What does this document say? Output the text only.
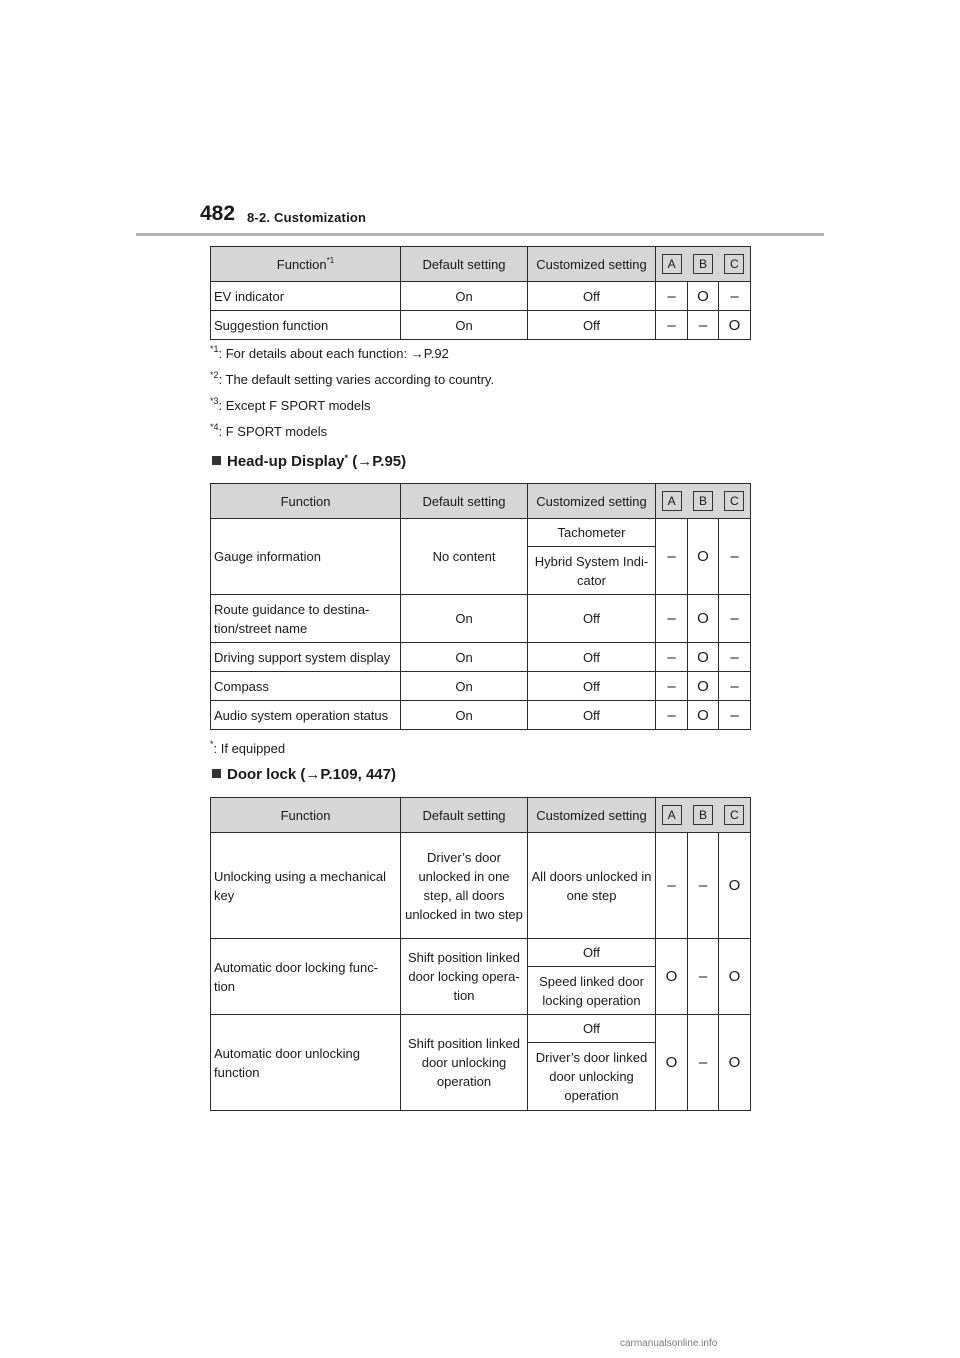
482 8-2. Customization
Function$^{*1}$	Default setting	Customized setting	A B C		

EV indicator	On	Off	–	O	–
Suggestion function	On	Off	–	–	O
$^{*1}$: For details about each function: →P.92
$^{*2}$: The default setting varies according to country.
$^{*3}$: Except F SPORT models
$^{*4}$: F SPORT models
Head-up Display* (→P.95)
Function	Default setting	Customized setting	A B C		

Gauge information	No content	Tachometer	–	O	–
		Hybrid System Indi-cator			
Route guidance to destina-tion/street name	On	Off	–	O	–
Driving support system display	On	Off	–	O	–
Compass	On	Off	–	O	–
Audio system operation status	On	Off	–	O	–
*: If equipped
Door lock (→P.109, 447)
Function	Default setting	Customized setting	A B C		

Unlocking using a mechanical key	Driver’s door unlocked in one step, all doors unlocked in two step	All doors unlocked in one step	–	–	O
Automatic door locking func-tion	Shift position linked door locking opera-tion	Off	O	–	O
		Speed linked door locking operation			
Automatic door unlocking function	Shift position linked door unlocking operation	Off	O	–	O
		Driver’s door linked door unlocking operation			
carmanualsonline.info
